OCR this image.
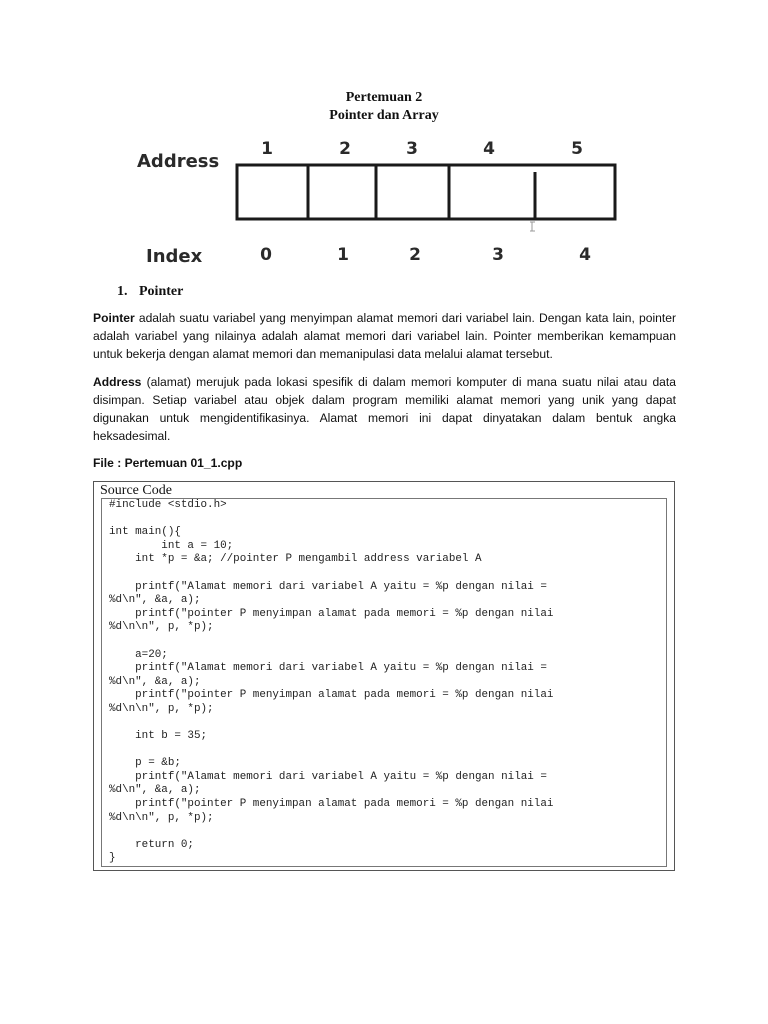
Pertemuan 2
Pointer dan Array
Address
1	2	3	4	5
Index	0	1	2	3	4
1. Pointer
Pointer adalah suatu variabel yang menyimpan alamat memori dari variabel lain. Dengan kata lain, pointer adalah variabel yang nilainya adalah alamat memori dari variabel lain. Pointer memberikan kemampuan untuk bekerja dengan alamat memori dan memanipulasi data melalui alamat tersebut.
Address (alamat) merujuk pada lokasi spesifik di dalam memori komputer di mana suatu nilai atau data disimpan. Setiap variabel atau objek dalam program memiliki alamat memori yang unik yang dapat digunakan untuk mengidentifikasinya. Alamat memori ini dapat dinyatakan dalam bentuk angka heksadesimal.
File : Pertemuan 01_1.cpp
Source Code
#include <stdio.h>

int main(){
int a = 10;
int *p = &a; //pointer P mengambil address variabel A

printf("Alamat memori dari variabel A yaitu = %p dengan nilai =
%d\n", &a, a);
printf("pointer P menyimpan alamat pada memori = %p dengan nilai
%d\n\n", p, *p);

a=20;
printf("Alamat memori dari variabel A yaitu = %p dengan nilai =
%d\n", &a, a);
printf("pointer P menyimpan alamat pada memori = %p dengan nilai
%d\n\n", p, *p);

int b = 35;

p = &b;
printf("Alamat memori dari variabel A yaitu = %p dengan nilai =
%d\n", &a, a);
printf("pointer P menyimpan alamat pada memori = %p dengan nilai
%d\n\n", p, *p);

return 0;
}
